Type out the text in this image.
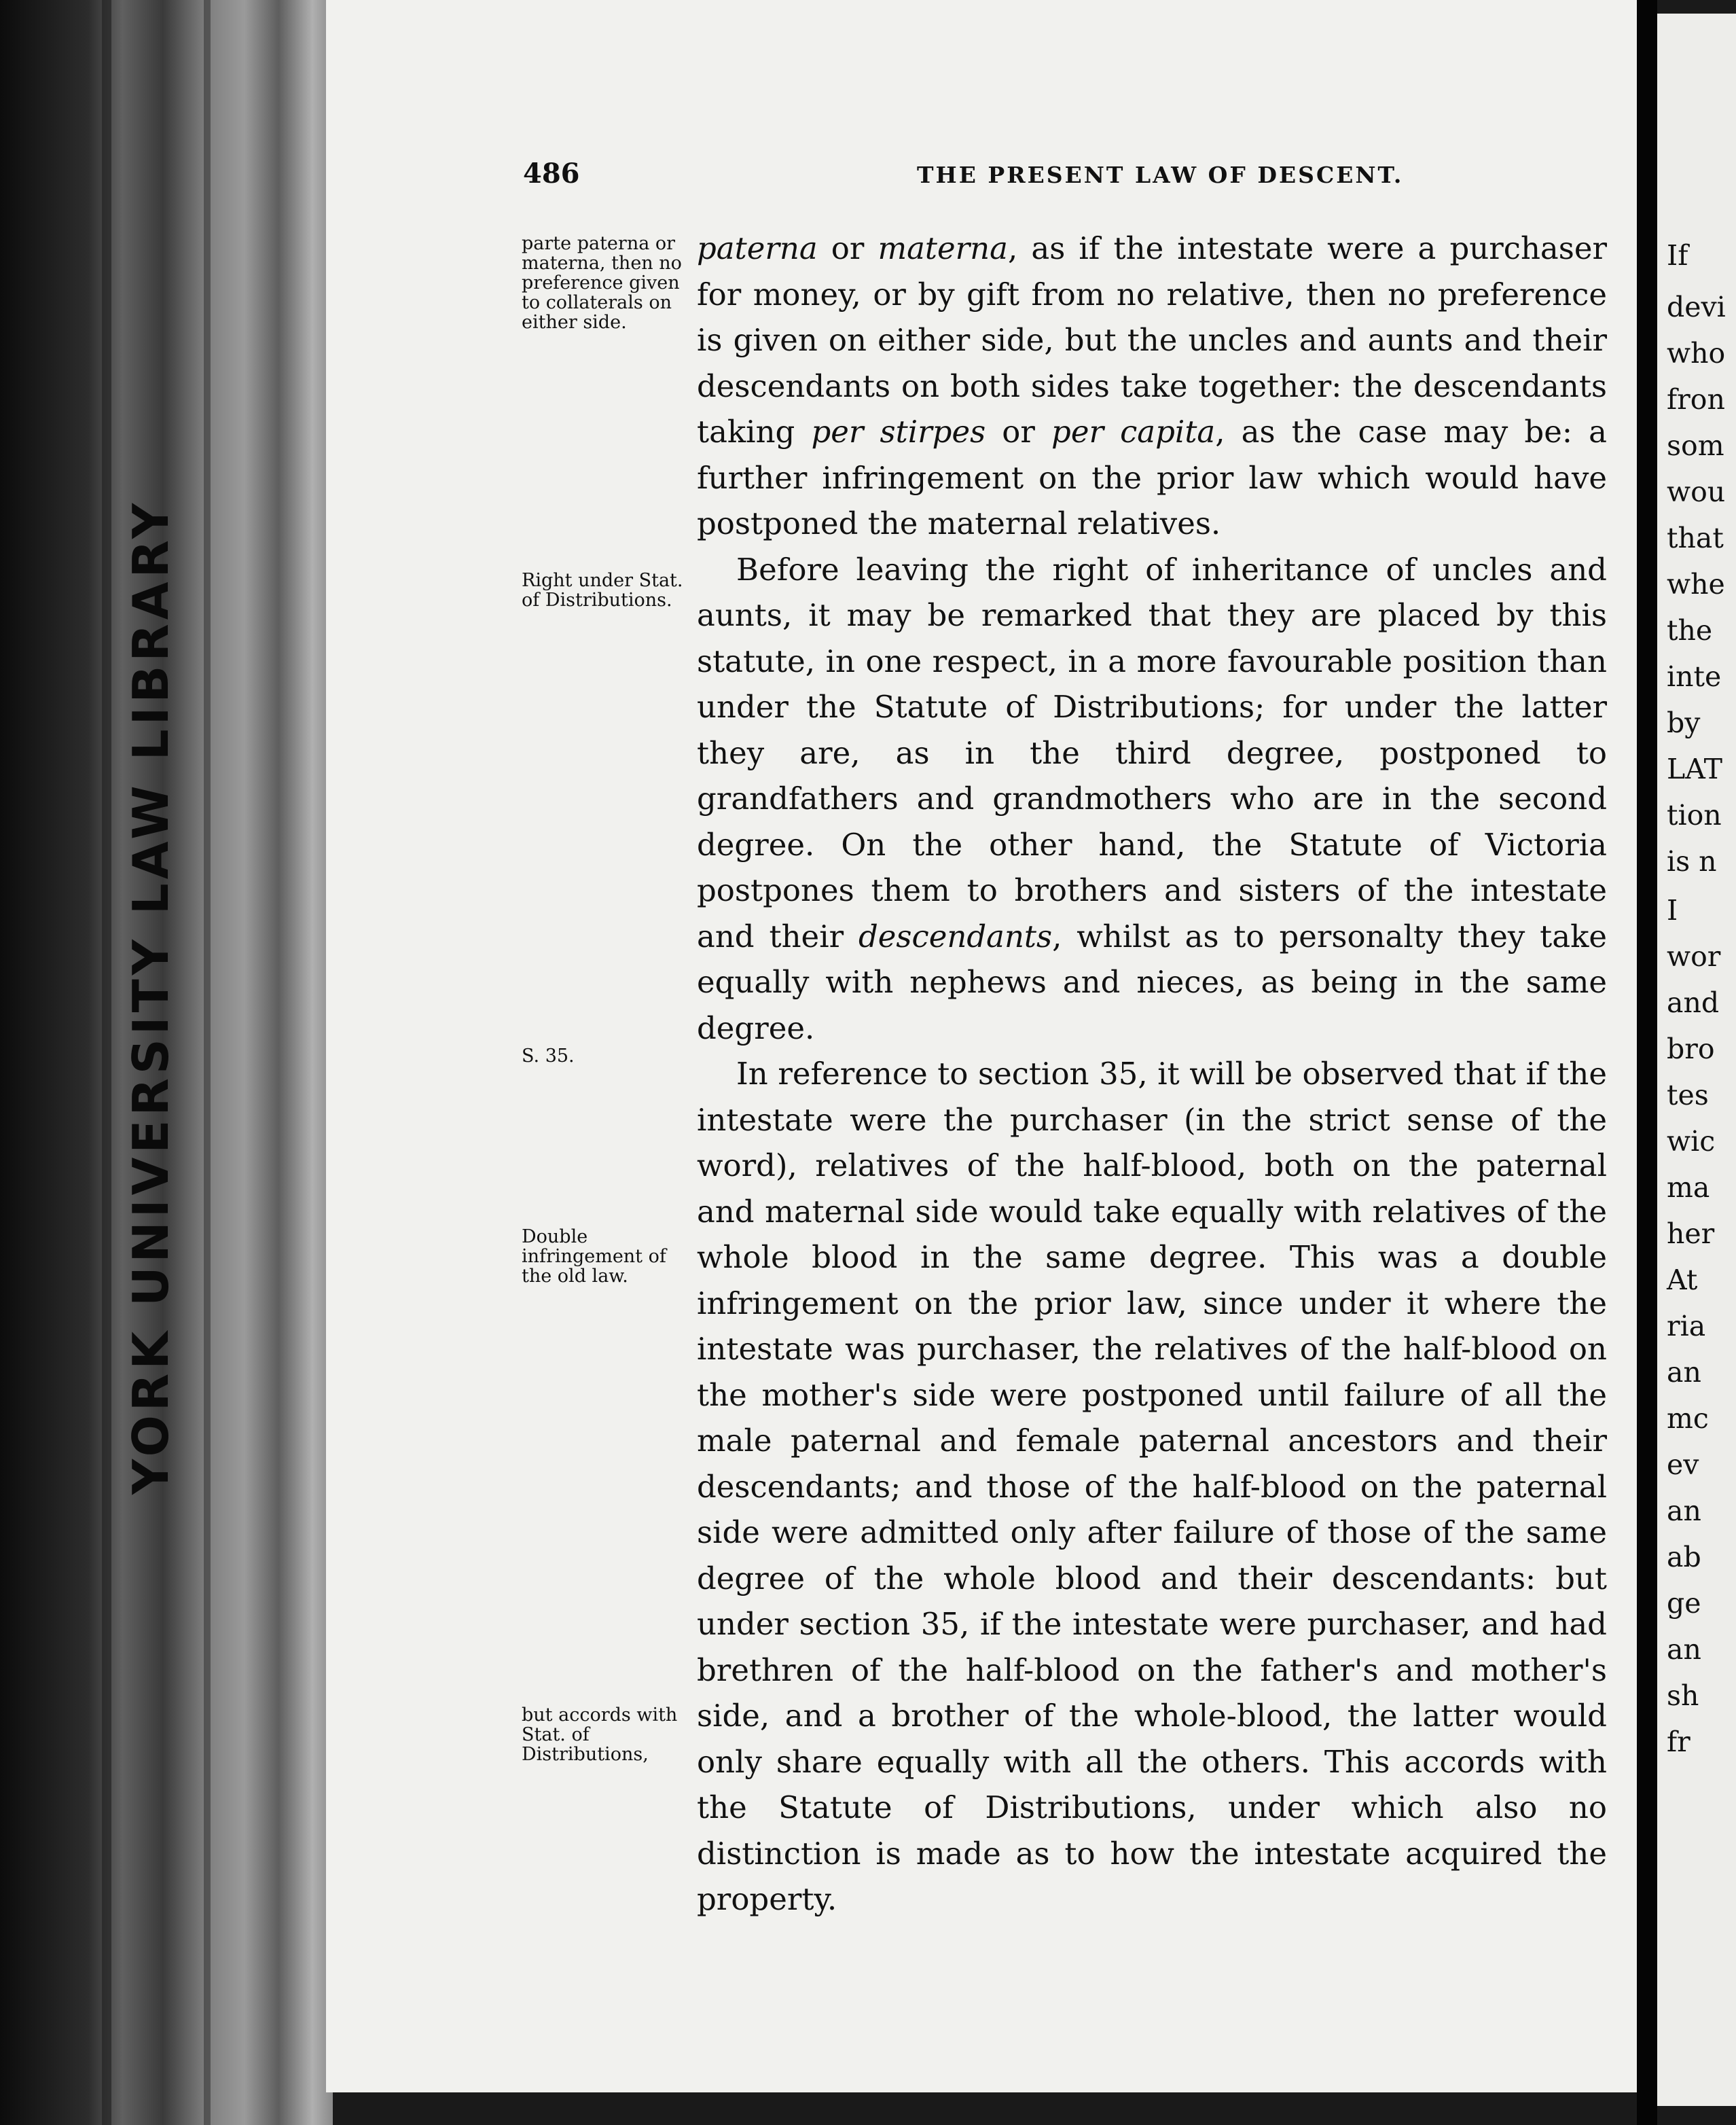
YORK UNIVERSITY LAW LIBRARY
486	THE PRESENT LAW OF DESCENT.
parte paterna or materna, then no preference given to collaterals on either side.
Right under Stat. of Distributions.
S. 35.
Double infringement of the old law.
but accords with Stat. of Distributions,

paterna or materna, as if the intestate were a purchaser for money, or by gift from no relative, then no preference is given on either side, but the uncles and aunts and their descendants on both sides take together: the descendants taking per stirpes or per capita, as the case may be: a further infringement on the prior law which would have postponed the maternal relatives.

Before leaving the right of inheritance of uncles and aunts, it may be remarked that they are placed by this statute, in one respect, in a more favourable position than under the Statute of Distributions; for under the latter they are, as in the third degree, postponed to grandfathers and grandmothers who are in the second degree. On the other hand, the Statute of Victoria postpones them to brothers and sisters of the intestate and their descendants, whilst as to personalty they take equally with nephews and nieces, as being in the same degree.

In reference to section 35, it will be observed that if the intestate were the purchaser (in the strict sense of the word), relatives of the half-blood, both on the paternal and maternal side would take equally with relatives of the whole blood in the same degree. This was a double infringement on the prior law, since under it where the intestate was purchaser, the relatives of the half-blood on the mother's side were postponed until failure of all the male paternal and female paternal ancestors and their descendants; and those of the half-blood on the paternal side were admitted only after failure of those of the same degree of the whole blood and their descendants: but under section 35, if the intestate were purchaser, and had brethren of the half-blood on the father's and mother's side, and a brother of the whole-blood, the latter would only share equally with all the others. This accords with the Statute of Distributions, under which also no distinction is made as to how the intestate acquired the property.

If
devi
who
fron
som
wou
that
whe
the
inte
by
LAT
tion
is n
I
wor
and
bro
tes
wic
ma
her
At
ria
an
mc
ev
an
ab
ge
an
sh
fr
